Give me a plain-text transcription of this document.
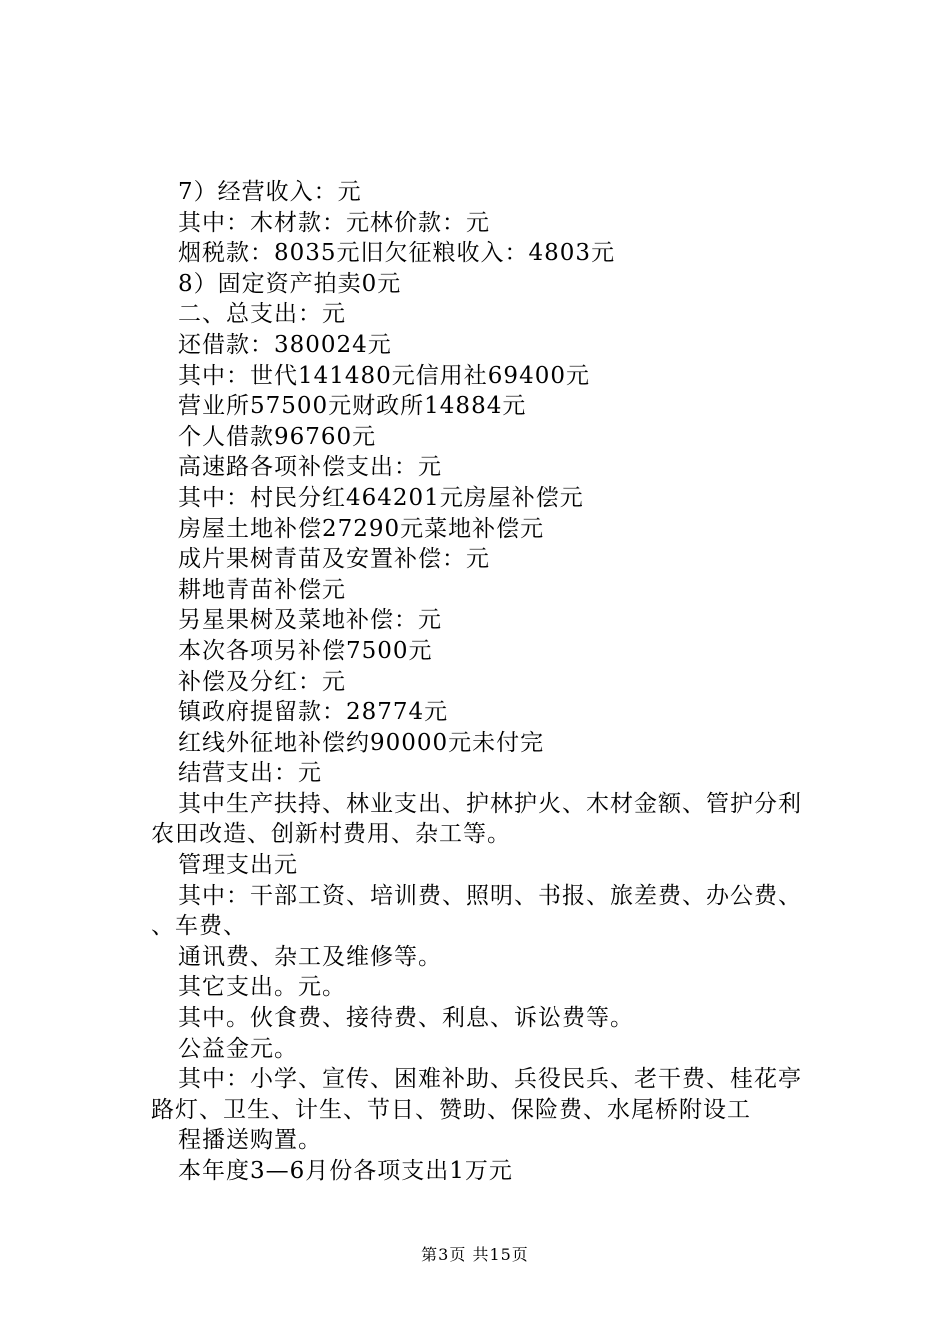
7）经营收入：元
其中：木材款：元林价款：元
烟税款：8035元旧欠征粮收入：4803元
8）固定资产拍卖0元
二、总支出：元
还借款：380024元
其中：世代141480元信用社69400元
营业所57500元财政所14884元
个人借款96760元
高速路各项补偿支出：元
其中：村民分红464201元房屋补偿元
房屋土地补偿27290元菜地补偿元
成片果树青苗及安置补偿：元
耕地青苗补偿元
另星果树及菜地补偿：元
本次各项另补偿7500元
补偿及分红：元
镇政府提留款：28774元
红线外征地补偿约90000元未付完
结营支出：元
其中生产扶持、林业支出、护林护火、木材金额、管护分利
农田改造、创新村费用、杂工等。
管理支出元
其中：干部工资、培训费、照明、书报、旅差费、办公费、
、车费、
通讯费、杂工及维修等。
其它支出。元。
其中。伙食费、接待费、利息、诉讼费等。
公益金元。
其中：小学、宣传、困难补助、兵役民兵、老干费、桂花亭
路灯、卫生、计生、节日、赞助、保险费、水尾桥附设工
程播送购置。
本年度3—6月份各项支出1万元
第3页 共15页
